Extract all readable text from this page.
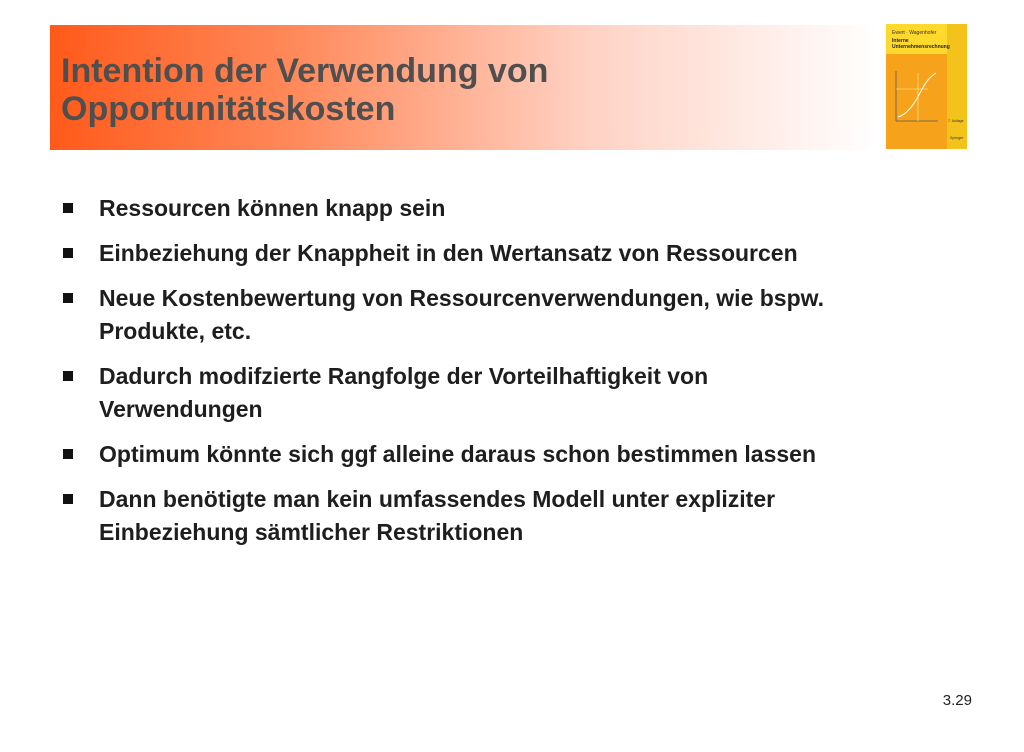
Intention der Verwendung von
Opportunitätskosten
Ewert · Wagenhofer
Interne
Unternehmensrechnung
7. Auflage
Springer
Ressourcen können knapp sein
Einbeziehung der Knappheit in den Wertansatz von Ressourcen
Neue Kostenbewertung von Ressourcenverwendungen, wie bspw.
Produkte, etc.
Dadurch modifzierte Rangfolge der Vorteilhaftigkeit von
Verwendungen
Optimum könnte sich ggf alleine daraus schon bestimmen lassen
Dann benötigte man kein umfassendes Modell unter expliziter
Einbeziehung sämtlicher Restriktionen
3.29
